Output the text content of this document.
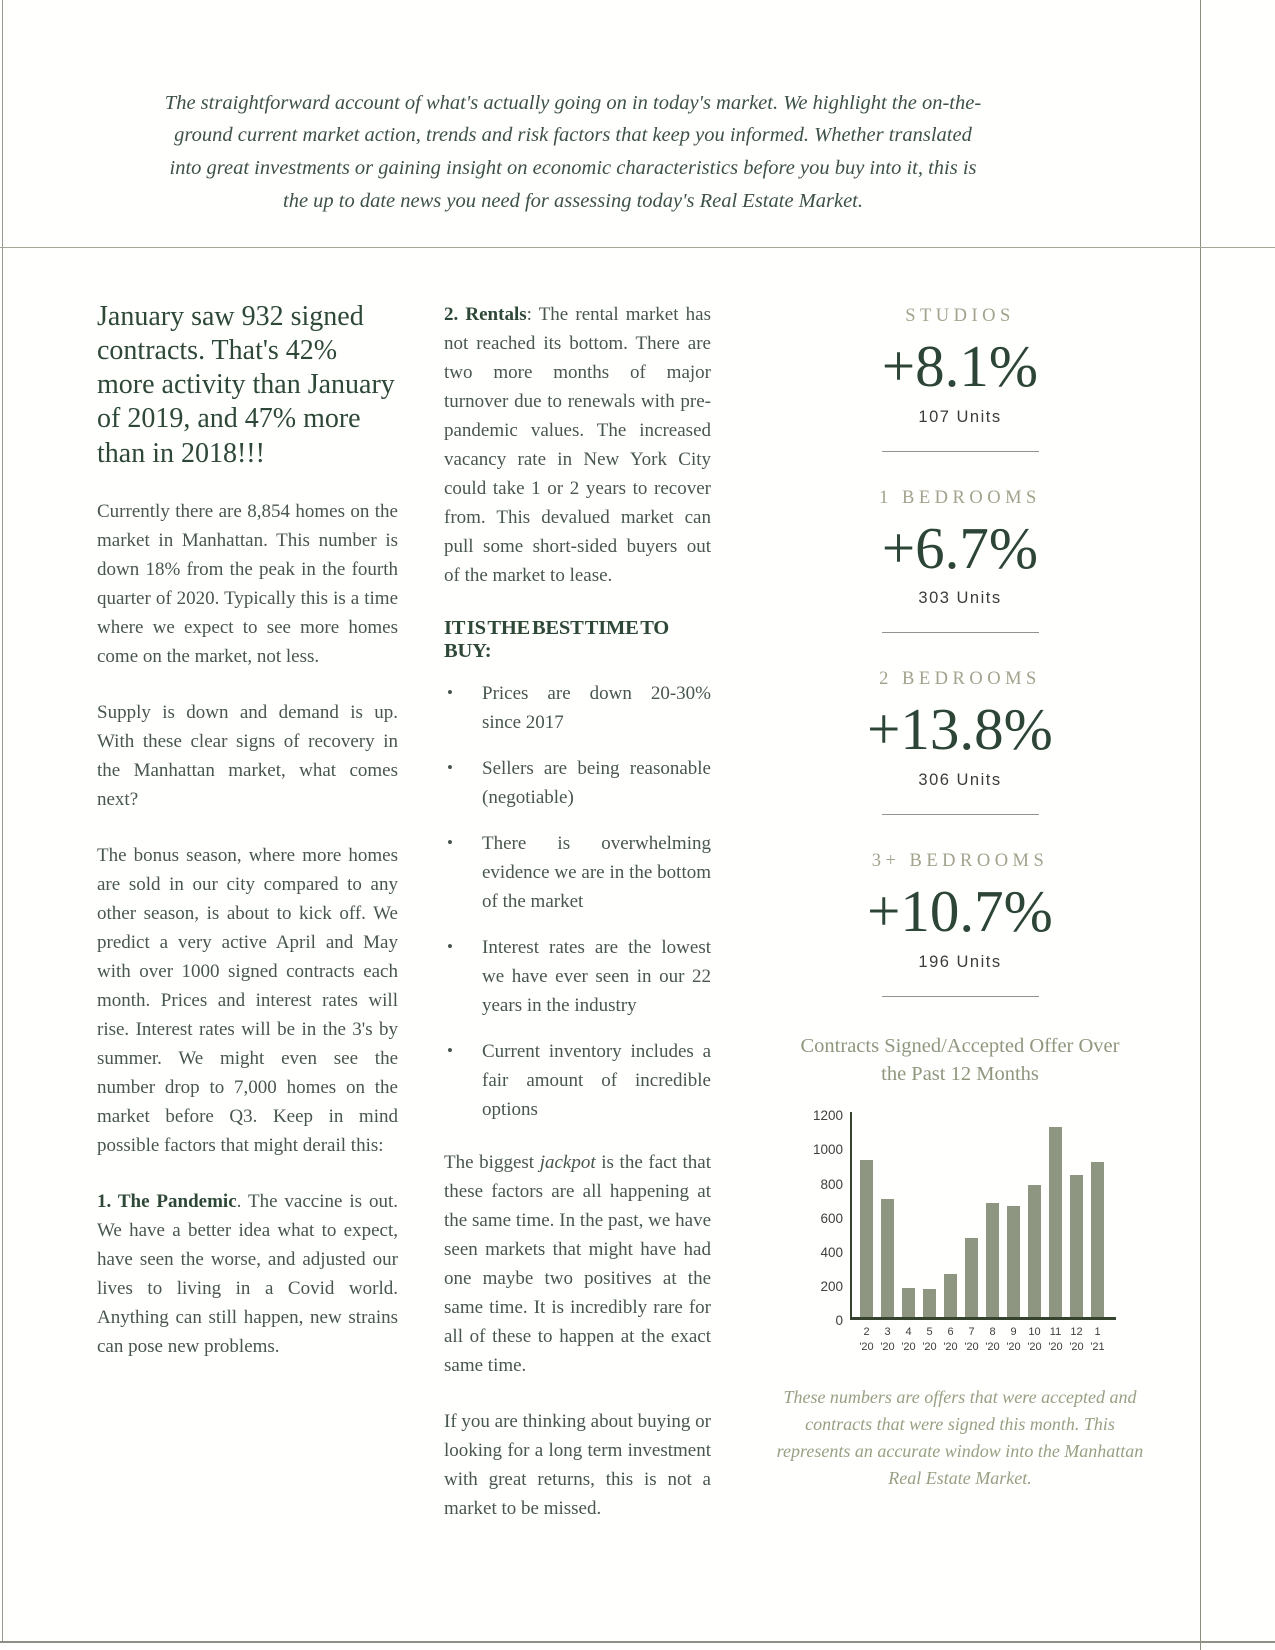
The straightforward account of what's actually going on in today's market. We highlight the on-the-ground current market action, trends and risk factors that keep you informed. Whether translated into great investments or gaining insight on economic characteristics before you buy into it, this is the up to date news you need for assessing today's Real Estate Market.

January saw 932 signed contracts. That's 42% more activity than January of 2019, and 47% more than in 2018!!!

Currently there are 8,854 homes on the market in Manhattan. This number is down 18% from the peak in the fourth quarter of 2020. Typically this is a time where we expect to see more homes come on the market, not less.

Supply is down and demand is up. With these clear signs of recovery in the Manhattan market, what comes next?

The bonus season, where more homes are sold in our city compared to any other season, is about to kick off. We predict a very active April and May with over 1000 signed contracts each month. Prices and interest rates will rise. Interest rates will be in the 3's by summer. We might even see the number drop to 7,000 homes on the market before Q3. Keep in mind possible factors that might derail this:

1. The Pandemic. The vaccine is out. We have a better idea what to expect, have seen the worse, and adjusted our lives to living in a Covid world. Anything can still happen, new strains can pose new problems.

2. Rentals: The rental market has not reached its bottom. There are two more months of major turnover due to renewals with pre-pandemic values. The increased vacancy rate in New York City could take 1 or 2 years to recover from. This devalued market can pull some short-sided buyers out of the market to lease.

IT IS THE BEST TIME TO BUY:
• Prices are down 20-30% since 2017
• Sellers are being reasonable (negotiable)
• There is overwhelming evidence we are in the bottom of the market
• Interest rates are the lowest we have ever seen in our 22 years in the industry
• Current inventory includes a fair amount of incredible options

The biggest jackpot is the fact that these factors are all happening at the same time. In the past, we have seen markets that might have had one maybe two positives at the same time. It is incredibly rare for all of these to happen at the exact same time.

If you are thinking about buying or looking for a long term investment with great returns, this is not a market to be missed.

STUDIOS
+8.1%
107 Units
1 BEDROOMS
+6.7%
303 Units
2 BEDROOMS
+13.8%
306 Units
3+ BEDROOMS
+10.7%
196 Units
Contracts Signed/Accepted Offer Over the Past 12 Months
1200
1000
800
600
400
200
0
2
'20
3
'20
4
'20
5
'20
6
'20
7
'20
8
'20
9
'20
10
'20
11
'20
12
'20
1
'21

These numbers are offers that were accepted and contracts that were signed this month. This represents an accurate window into the Manhattan Real Estate Market.
